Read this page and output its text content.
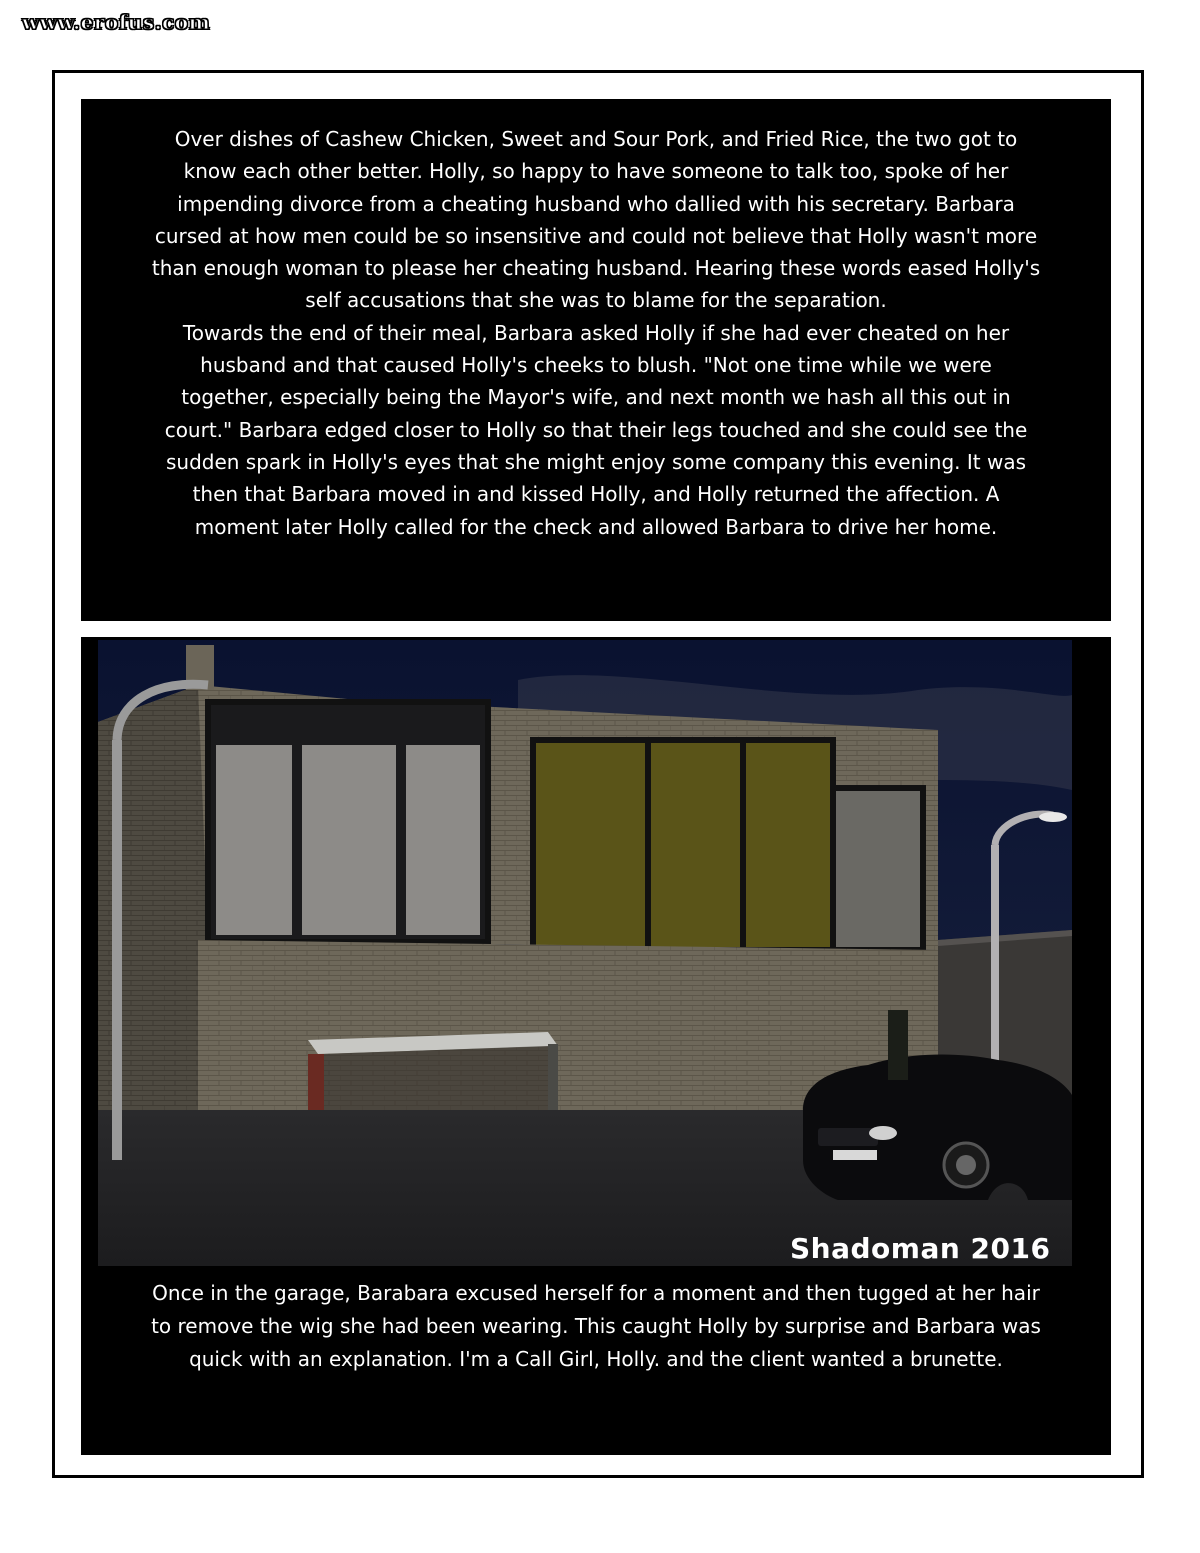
www.erofus.com

Over dishes of Cashew Chicken, Sweet and Sour Pork, and Fried Rice, the two got to
know each other better. Holly, so happy to have someone to talk too, spoke of her
impending divorce from a cheating husband who dallied with his secretary. Barbara
cursed at how men could be so insensitive and could not believe that Holly wasn't more
than enough woman to please her cheating husband. Hearing these words eased Holly's
self accusations that she was to blame for the separation.
Towards the end of their meal, Barbara asked Holly if she had ever cheated on her
husband and that caused Holly's cheeks to blush. "Not one time while we were
together, especially being the Mayor's wife, and next month we hash all this out in
court." Barbara edged closer to Holly so that their legs touched and she could see the
sudden spark in Holly's eyes that she might enjoy some company this evening. It was
then that Barbara moved in and kissed Holly, and Holly returned the affection. A
moment later Holly called for the check and allowed Barbara to drive her home.

Shadoman 2016

Once in the garage, Barabara excused herself for a moment and then tugged at her hair
to remove the wig she had been wearing. This caught Holly by surprise and Barbara was
quick with an explanation. I'm a Call Girl, Holly. and the client wanted a brunette.
